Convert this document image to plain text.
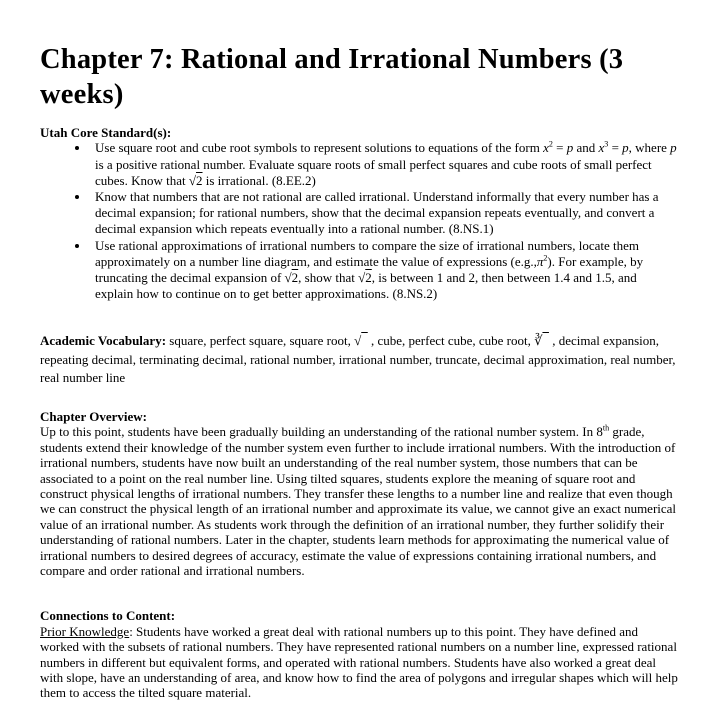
Chapter 7: Rational and Irrational Numbers (3 weeks)
Utah Core Standard(s):
• Use square root and cube root symbols to represent solutions to equations of the form $x^2 = p$ and $x^3 = p$, where p is a positive rational number. Evaluate square roots of small perfect squares and cube roots of small perfect cubes. Know that √2 is irrational. (8.EE.2)
• Know that numbers that are not rational are called irrational. Understand informally that every number has a decimal expansion; for rational numbers, show that the decimal expansion repeats eventually, and convert a decimal expansion which repeats eventually into a rational number. (8.NS.1)
• Use rational approximations of irrational numbers to compare the size of irrational numbers, locate them approximately on a number line diagram, and estimate the value of expressions $(e.g.,\pi^2)$. For example, by truncating the decimal expansion of √2, show that √2, is between 1 and 2, then between 1.4 and 1.5, and explain how to continue on to get better approximations. (8.NS.2)

Academic Vocabulary: square, perfect square, square root, √   , cube, perfect cube, cube root, ∛   , decimal expansion, repeating decimal, terminating decimal, rational number, irrational number, truncate, decimal approximation, real number, real number line

Chapter Overview:

Up to this point, students have been gradually building an understanding of the rational number system. In 8th grade, students extend their knowledge of the number system even further to include irrational numbers. With the introduction of irrational numbers, students have now built an understanding of the real number system, those numbers that can be associated to a point on the real number line. Using tilted squares, students explore the meaning of square root and construct physical lengths of irrational numbers. They transfer these lengths to a number line and realize that even though we can construct the physical length of an irrational number and approximate its value, we cannot give an exact numerical value of an irrational number. As students work through the definition of an irrational number, they further solidify their understanding of rational numbers. Later in the chapter, students learn methods for approximating the numerical value of irrational numbers to desired degrees of accuracy, estimate the value of expressions containing irrational numbers, and compare and order rational and irrational numbers.

Connections to Content:

Prior Knowledge: Students have worked a great deal with rational numbers up to this point. They have defined and worked with the subsets of rational numbers. They have represented rational numbers on a number line, expressed rational numbers in different but equivalent forms, and operated with rational numbers. Students have also worked a great deal with slope, have an understanding of area, and know how to find the area of polygons and irregular shapes which will help them to access the tilted square material.
